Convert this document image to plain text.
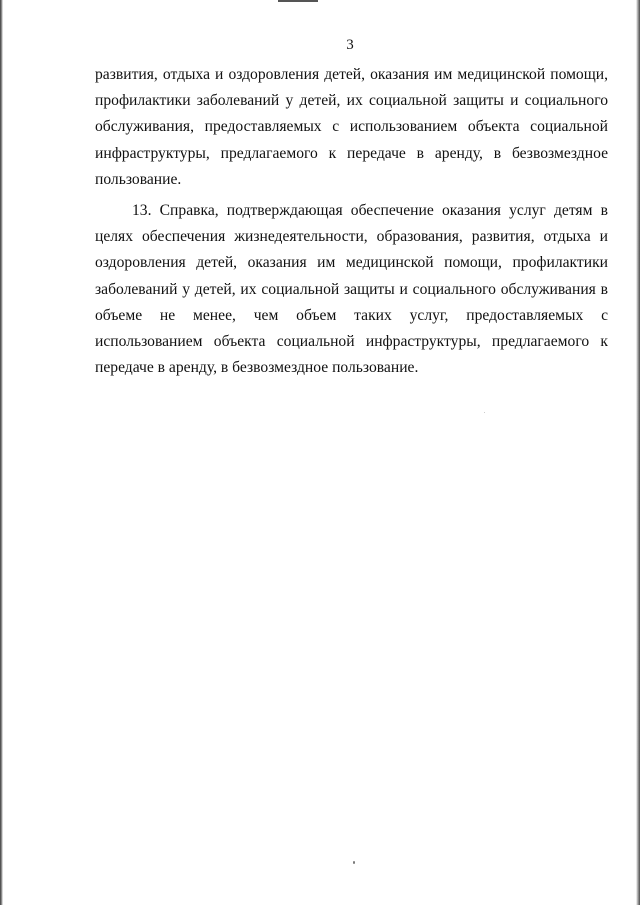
3

развития, отдыха и оздоровления детей, оказания им медицинской помощи, профилактики заболеваний у детей, их социальной защиты и социального обслуживания, предоставляемых с использованием объекта социальной инфраструктуры, предлагаемого к передаче в аренду, в безвозмездное пользование.

13. Справка, подтверждающая обеспечение оказания услуг детям в целях обеспечения жизнедеятельности, образования, развития, отдыха и оздоровления детей, оказания им медицинской помощи, профилактики заболеваний у детей, их социальной защиты и социального обслуживания в объеме не менее, чем объем таких услуг, предоставляемых с использованием объекта социальной инфраструктуры, предлагаемого к передаче в аренду, в безвозмездное пользование.
